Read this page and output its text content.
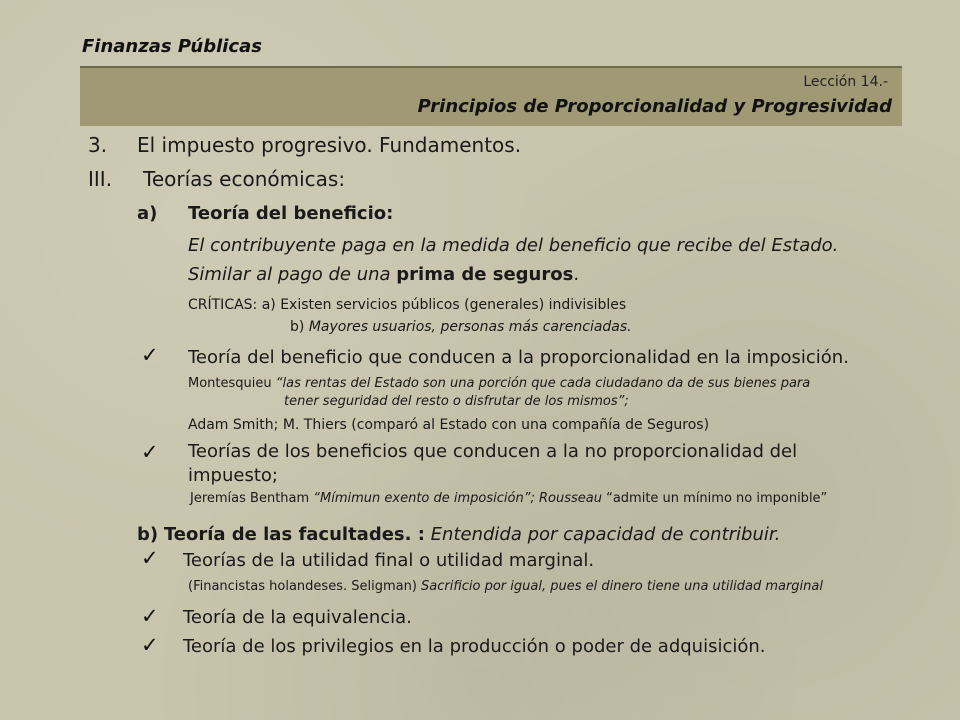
Finanzas Públicas
Lección 14.-
Principios de Proporcionalidad y Progresividad
3. El impuesto progresivo. Fundamentos.
III. Teorías económicas:
a) Teoría del beneficio:
El contribuyente paga en la medida del beneficio que recibe del Estado.
Similar al pago de una prima de seguros.
CRÍTICAS: a) Existen servicios públicos (generales) indivisibles
b) Mayores usuarios, personas más carenciadas.
✓ Teoría del beneficio que conducen a la proporcionalidad en la imposición.
Montesquieu “las rentas del Estado son una porción que cada ciudadano da de sus bienes para
tener seguridad del resto o disfrutar de los mismos”;
Adam Smith; M. Thiers (comparó al Estado con una compañía de Seguros)
✓ Teorías de los beneficios que conducen a la no proporcionalidad del
impuesto;
Jeremías Bentham “Mímimun exento de imposición”; Rousseau “admite un mínimo no imponible”
b) Teoría de las facultades. : Entendida por capacidad de contribuir.
✓ Teorías de la utilidad final o utilidad marginal.
(Financistas holandeses. Seligman) Sacrificio por igual, pues el dinero tiene una utilidad marginal
✓ Teoría de la equivalencia.
✓ Teoría de los privilegios en la producción o poder de adquisición.
